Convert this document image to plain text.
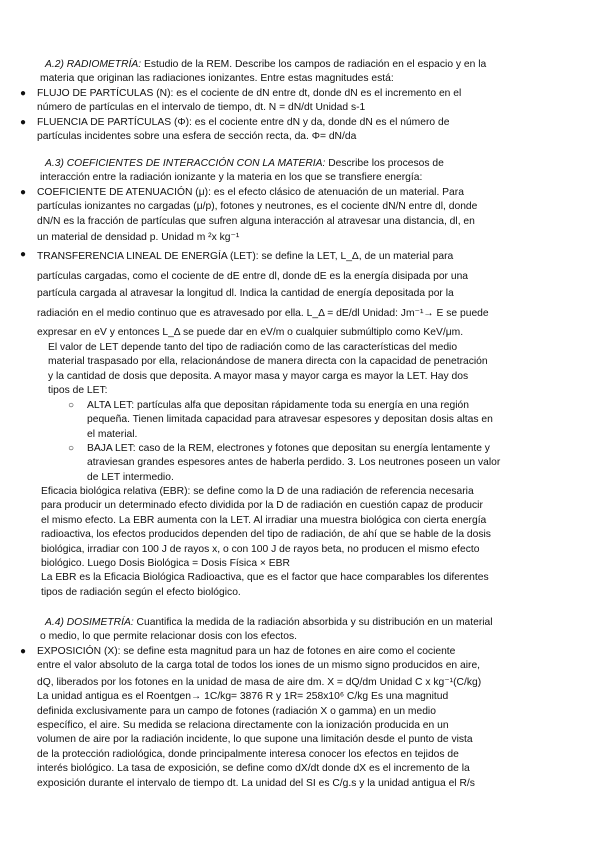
A.2) RADIOMETRÍA: Estudio de la REM. Describe los campos de radiación en el espacio y en la
materia que originan las radiaciones ionizantes. Entre estas magnitudes está:
●	FLUJO DE PARTÍCULAS (N): es el cociente de dN entre dt, donde dN es el incremento en el
número de partículas en el intervalo de tiempo, dt. N = dN/dt Unidad s-1
●	FLUENCIA DE PARTÍCULAS (Φ): es el cociente entre dN y da, donde dN es el número de
partículas incidentes sobre una esfera de sección recta, da. Φ= dN/da
A.3) COEFICIENTES DE INTERACCIÓN CON LA MATERIA: Describe los procesos de
interacción entre la radiación ionizante y la materia en los que se transfiere energía:
●	COEFICIENTE DE ATENUACIÓN (μ): es el efecto clásico de atenuación de un material. Para
partículas ionizantes no cargadas (μ/p), fotones y neutrones, es el cociente dN/N entre dl, donde
dN/N es la fracción de partículas que sufren alguna interacción al atravesar una distancia, dl, en
un material de densidad p. Unidad m ²x kg⁻¹
●	TRANSFERENCIA LINEAL DE ENERGÍA (LET): se define la LET, L_Δ, de un material para
partículas cargadas, como el cociente de dE entre dl, donde dE es la energía disipada por una
partícula cargada al atravesar la longitud dl. Indica la cantidad de energía depositada por la
radiación en el medio continuo que es atravesado por ella. L_Δ = dE/dl Unidad: Jm⁻¹→ E se puede
expresar en eV y entonces L_Δ se puede dar en eV/m o cualquier submúltiplo como KeV/μm.
El valor de LET depende tanto del tipo de radiación como de las características del medio
material traspasado por ella, relacionándose de manera directa con la capacidad de penetración
y la cantidad de dosis que deposita. A mayor masa y mayor carga es mayor la LET. Hay dos
tipos de LET:
○	ALTA LET: partículas alfa que depositan rápidamente toda su energía en una región
pequeña. Tienen limitada capacidad para atravesar espesores y depositan dosis altas en
el material.
○	BAJA LET: caso de la REM, electrones y fotones que depositan su energía lentamente y
atraviesan grandes espesores antes de haberla perdido. 3. Los neutrones poseen un valor
de LET intermedio.
Eficacia biológica relativa (EBR): se define como la D de una radiación de referencia necesaria
para producir un determinado efecto dividida por la D de radiación en cuestión capaz de producir
el mismo efecto. La EBR aumenta con la LET. Al irradiar una muestra biológica con cierta energía
radioactiva, los efectos producidos dependen del tipo de radiación, de ahí que se hable de la dosis
biológica, irradiar con 100 J de rayos x, o con 100 J de rayos beta, no producen el mismo efecto
biológico. Luego Dosis Biológica = Dosis Física × EBR
La EBR es la Eficacia Biológica Radioactiva, que es el factor que hace comparables los diferentes
tipos de radiación según el efecto biológico.
A.4) DOSIMETRÍA: Cuantifica la medida de la radiación absorbida y su distribución en un material
o medio, lo que permite relacionar dosis con los efectos.
●	EXPOSICIÓN (X): se define esta magnitud para un haz de fotones en aire como el cociente
entre el valor absoluto de la carga total de todos los iones de un mismo signo producidos en aire,
dQ, liberados por los fotones en la unidad de masa de aire dm. X = dQ/dm Unidad C x kg⁻¹(C/kg)
La unidad antigua es el Roentgen→ 1C/kg= 3876 R y 1R= 258x10⁶ C/kg Es una magnitud
definida exclusivamente para un campo de fotones (radiación X o gamma) en un medio
específico, el aire. Su medida se relaciona directamente con la ionización producida en un
volumen de aire por la radiación incidente, lo que supone una limitación desde el punto de vista
de la protección radiológica, donde principalmente interesa conocer los efectos en tejidos de
interés biológico. La tasa de exposición, se define como dX/dt donde dX es el incremento de la
exposición durante el intervalo de tiempo dt. La unidad del SI es C/g.s y la unidad antigua el R/s
